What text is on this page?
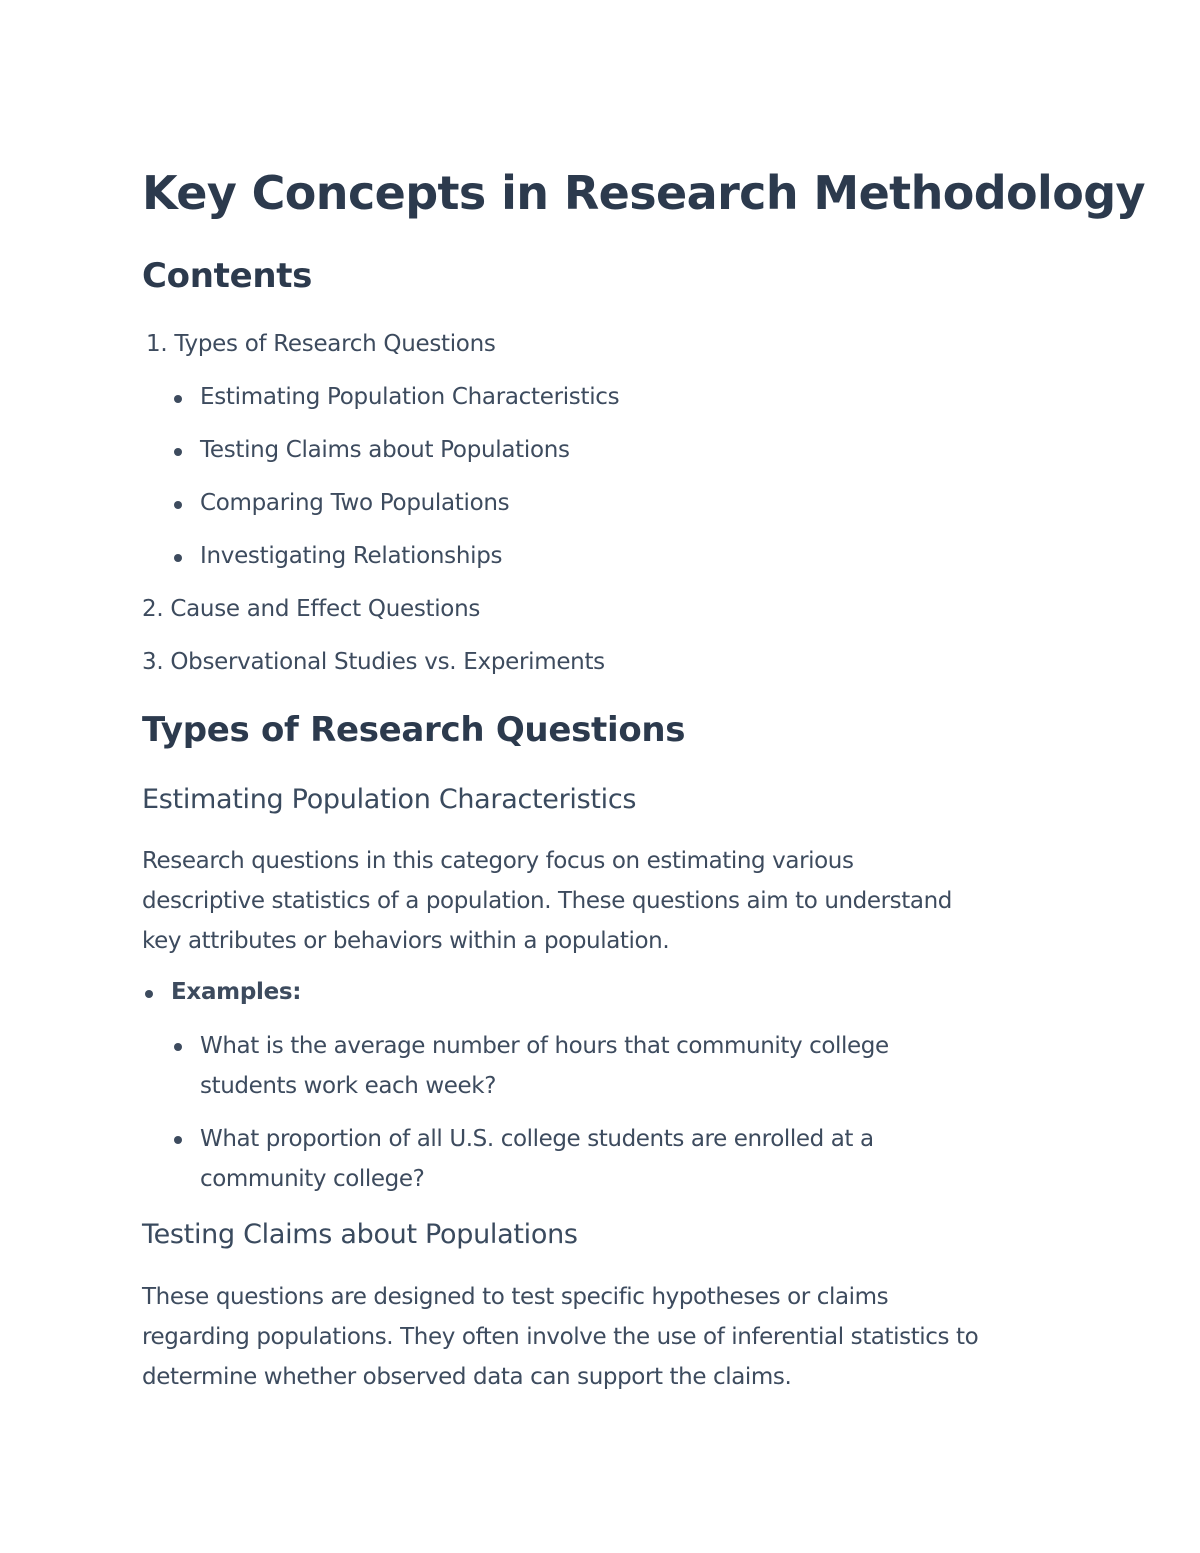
Key Concepts in Research Methodology
Contents
1. Types of Research Questions
Estimating Population Characteristics
Testing Claims about Populations
Comparing Two Populations
Investigating Relationships
2. Cause and Effect Questions
3. Observational Studies vs. Experiments
Types of Research Questions
Estimating Population Characteristics

Research questions in this category focus on estimating various
descriptive statistics of a population. These questions aim to understand
key attributes or behaviors within a population.

Examples:

What is the average number of hours that community college
students work each week?

What proportion of all U.S. college students are enrolled at a
community college?

Testing Claims about Populations

These questions are designed to test specific hypotheses or claims
regarding populations. They often involve the use of inferential statistics to
determine whether observed data can support the claims.
